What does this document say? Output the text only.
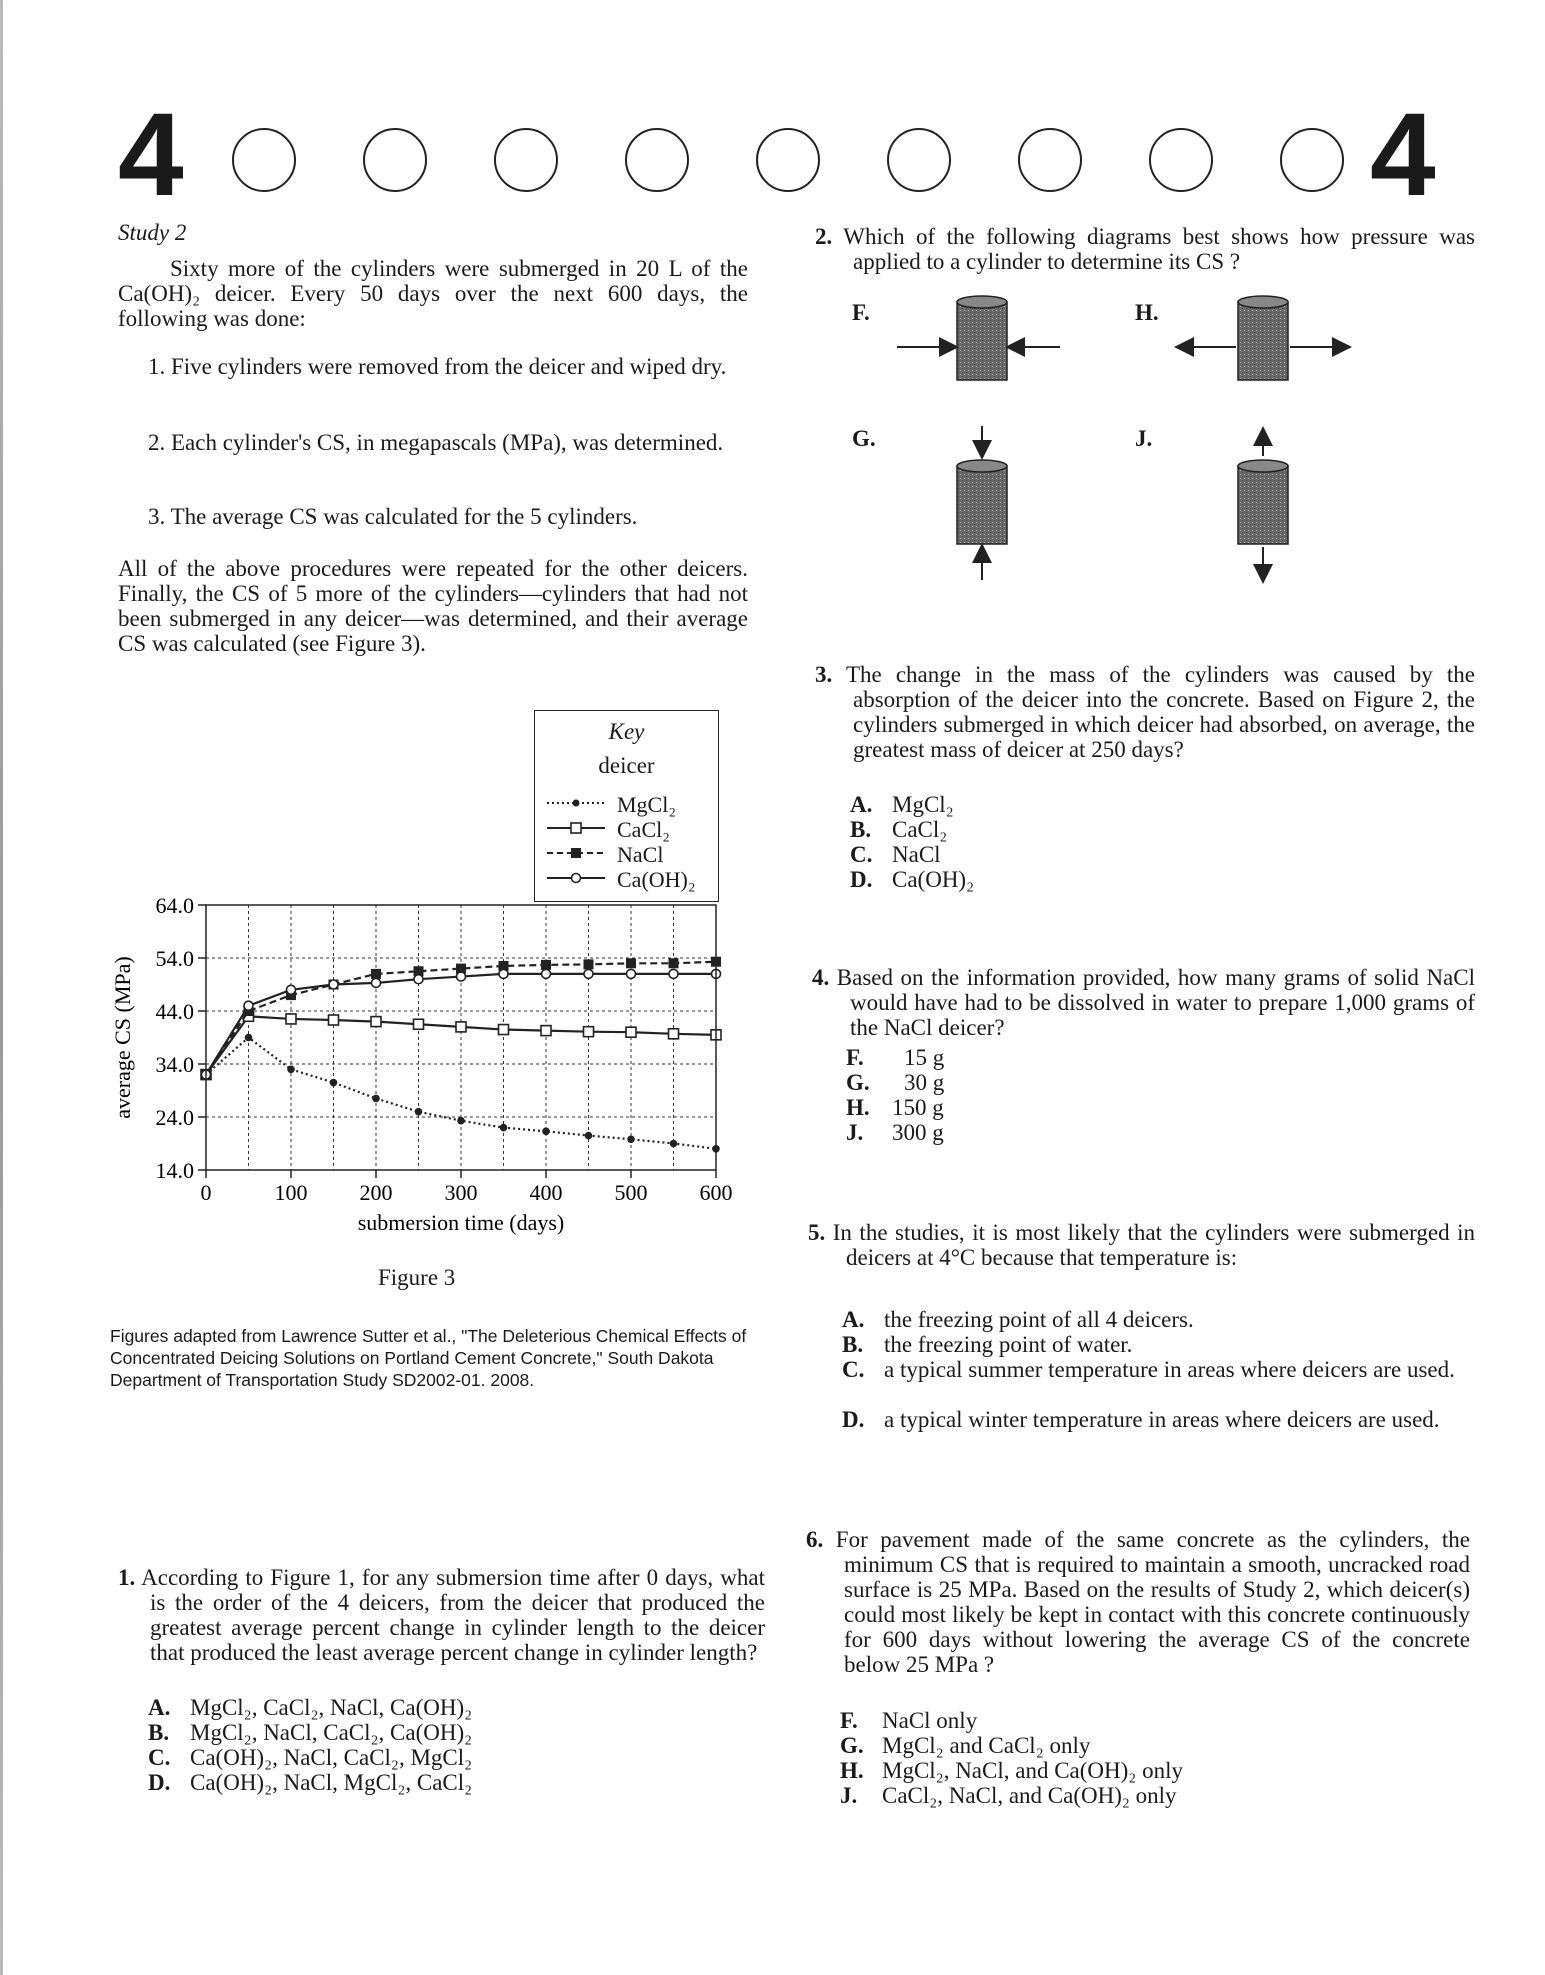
4	4
Study 2
Sixty more of the cylinders were submerged in 20 L of the Ca(OH)₂ deicer. Every 50 days over the next 600 days, the following was done:
1. Five cylinders were removed from the deicer and wiped dry.
2. Each cylinder's CS, in megapascals (MPa), was determined.
3. The average CS was calculated for the 5 cylinders.
All of the above procedures were repeated for the other deicers. Finally, the CS of 5 more of the cylinders—cylinders that had not been submerged in any deicer—was determined, and their average CS was calculated (see Figure 3).
14.0
24.0
34.0
44.0
54.0
64.0
0	100 200 300 400 500 600
submersion time (days)
average CS (MPa)
Key
deicer
MgCl₂
CaCl₂
NaCl
Ca(OH)₂
Figure 3
Figures adapted from Lawrence Sutter et al., "The Deleterious Chemical Effects of Concentrated Deicing Solutions on Portland Cement Concrete," South Dakota Department of Transportation Study SD2002-01. 2008.
1. According to Figure 1, for any submersion time after 0 days, what is the order of the 4 deicers, from the deicer that produced the greatest average percent change in cylinder length to the deicer that produced the least average percent change in cylinder length?
A. MgCl₂, CaCl₂, NaCl, Ca(OH)₂
B. MgCl₂, NaCl, CaCl₂, Ca(OH)₂
C. Ca(OH)₂, NaCl, CaCl₂, MgCl₂
D. Ca(OH)₂, NaCl, MgCl₂, CaCl₂
2. Which of the following diagrams best shows how pressure was applied to a cylinder to determine its CS ?
F.	H.
G.	J.
3. The change in the mass of the cylinders was caused by the absorption of the deicer into the concrete. Based on Figure 2, the cylinders submerged in which deicer had absorbed, on average, the greatest mass of deicer at 250 days?
A. MgCl₂
B. CaCl₂
C. NaCl
D. Ca(OH)₂
4. Based on the information provided, how many grams of solid NaCl would have had to be dissolved in water to prepare 1,000 grams of the NaCl deicer?
F. 15 g
G. 30 g
H. 150 g
J. 300 g
5. In the studies, it is most likely that the cylinders were submerged in deicers at 4°C because that temperature is:
A. the freezing point of all 4 deicers.
B. the freezing point of water.
C. a typical summer temperature in areas where deicers are used.
D. a typical winter temperature in areas where deicers are used.
6. For pavement made of the same concrete as the cylinders, the minimum CS that is required to maintain a smooth, uncracked road surface is 25 MPa. Based on the results of Study 2, which deicer(s) could most likely be kept in contact with this concrete continuously for 600 days without lowering the average CS of the concrete below 25 MPa ?
F. NaCl only
G. MgCl₂ and CaCl₂ only
H. MgCl₂, NaCl, and Ca(OH)₂ only
J. CaCl₂, NaCl, and Ca(OH)₂ only
